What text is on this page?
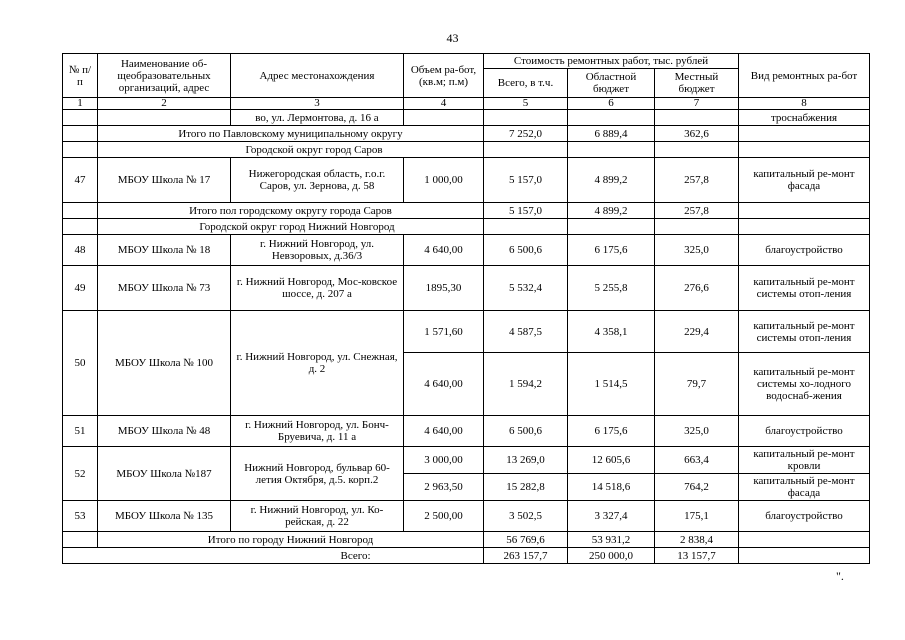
43
№ п/п	Наименование об-щеобразовательных организаций, адрес	Адрес местонахождения	Объем ра-бот, (кв.м; п.м)	Стоимость ремонтных работ, тыс. рублей			Вид ремонтных ра-бот
				Всего, в т.ч.	Областной бюджет	Местный бюджет	
1	2	3	4	5	6	7	8
		во, ул. Лермонтова, д. 16 а					трoснабжения
	Итого по Павловскому муниципальному округу			7 252,0	6 889,4	362,6	
	Городской округ город Саров						
47	МБОУ Школа № 17	Нижегородская область, г.о.г. Саров, ул. Зернова, д. 58	1 000,00	5 157,0	4 899,2	257,8	капитальный ре-монт фасада
	Итого пол городскому округу города Саров			5 157,0	4 899,2	257,8	
	Городской округ город Нижний Новгород						
48	МБОУ Школа № 18	г. Нижний Новгород, ул. Невзоровых, д.36/3	4 640,00	6 500,6	6 175,6	325,0	благоустройство
49	МБОУ Школа № 73	г. Нижний Новгород, Мос-ковское шоссе, д. 207 а	1895,30	5 532,4	5 255,8	276,6	капитальный ре-монт системы отоп-ления
50	МБОУ Школа № 100	г. Нижний Новгород, ул. Снежная, д. 2	1 571,60	4 587,5	4 358,1	229,4	капитальный ре-монт системы отоп-ления
			4 640,00	1 594,2	1 514,5	79,7	капитальный ре-монт системы хо-лодного водоснаб-жения
51	МБОУ Школа № 48	г. Нижний Новгород, ул. Бонч-Бруевича, д. 11 а	4 640,00	6 500,6	6 175,6	325,0	благоустройство
52	МБОУ Школа №187	Нижний Новгород, бульвар 60-летия Октября, д.5. корп.2	3 000,00	13 269,0	12 605,6	663,4	капитальный ре-монт кровли
			2 963,50	15 282,8	14 518,6	764,2	капитальный ре-монт фасада
53	МБОУ Школа № 135	г. Нижний Новгород, ул. Ко-рейская, д. 22	2 500,00	3 502,5	3 327,4	175,1	благоустройство
	Итого по городу Нижний Новгород			56 769,6	53 931,2	2 838,4	
Всего:				263 157,7	250 000,0	13 157,7	
".
